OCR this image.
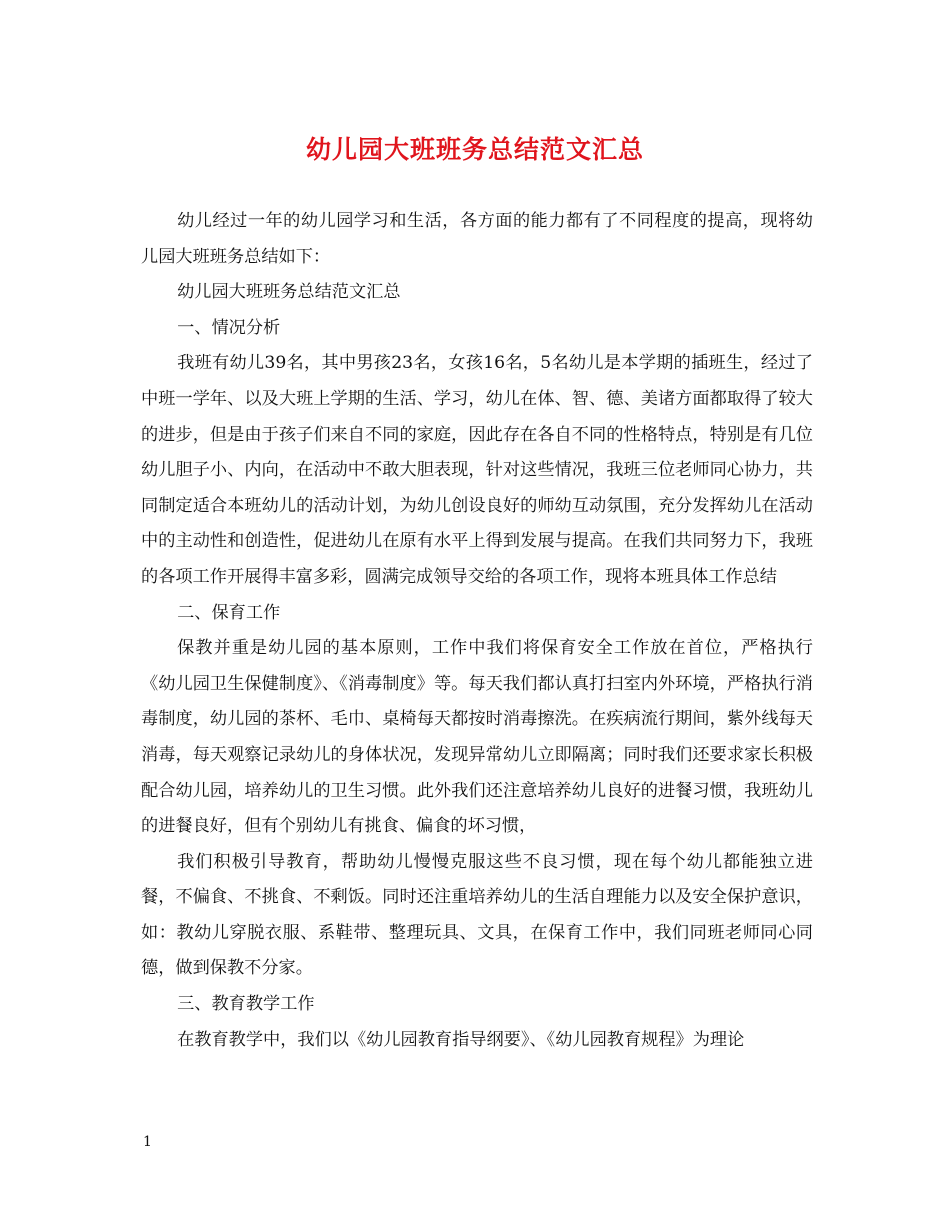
幼儿园大班班务总结范文汇总

幼儿经过一年的幼儿园学习和生活，各方面的能力都有了不同程度的提高，现将幼儿园大班班务总结如下：

幼儿园大班班务总结范文汇总

一、情况分析

我班有幼儿39名，其中男孩23名，女孩16名，5名幼儿是本学期的插班生，经过了中班一学年、以及大班上学期的生活、学习，幼儿在体、智、德、美诸方面都取得了较大的进步，但是由于孩子们来自不同的家庭，因此存在各自不同的性格特点，特别是有几位幼儿胆子小、内向，在活动中不敢大胆表现，针对这些情况，我班三位老师同心协力，共同制定适合本班幼儿的活动计划，为幼儿创设良好的师幼互动氛围，充分发挥幼儿在活动中的主动性和创造性，促进幼儿在原有水平上得到发展与提高。在我们共同努力下，我班的各项工作开展得丰富多彩，圆满完成领导交给的各项工作，现将本班具体工作总结

二、保育工作

保教并重是幼儿园的基本原则，工作中我们将保育安全工作放在首位，严格执行《幼儿园卫生保健制度》、《消毒制度》等。每天我们都认真打扫室内外环境，严格执行消毒制度，幼儿园的茶杯、毛巾、桌椅每天都按时消毒擦洗。在疾病流行期间，紫外线每天消毒，每天观察记录幼儿的身体状况，发现异常幼儿立即隔离；同时我们还要求家长积极配合幼儿园，培养幼儿的卫生习惯。此外我们还注意培养幼儿良好的进餐习惯，我班幼儿的进餐良好，但有个别幼儿有挑食、偏食的坏习惯，

我们积极引导教育，帮助幼儿慢慢克服这些不良习惯，现在每个幼儿都能独立进餐，不偏食、不挑食、不剩饭。同时还注重培养幼儿的生活自理能力以及安全保护意识，如：教幼儿穿脱衣服、系鞋带、整理玩具、文具，在保育工作中，我们同班老师同心同德，做到保教不分家。

三、教育教学工作

在教育教学中，我们以《幼儿园教育指导纲要》、《幼儿园教育规程》为理论

1
